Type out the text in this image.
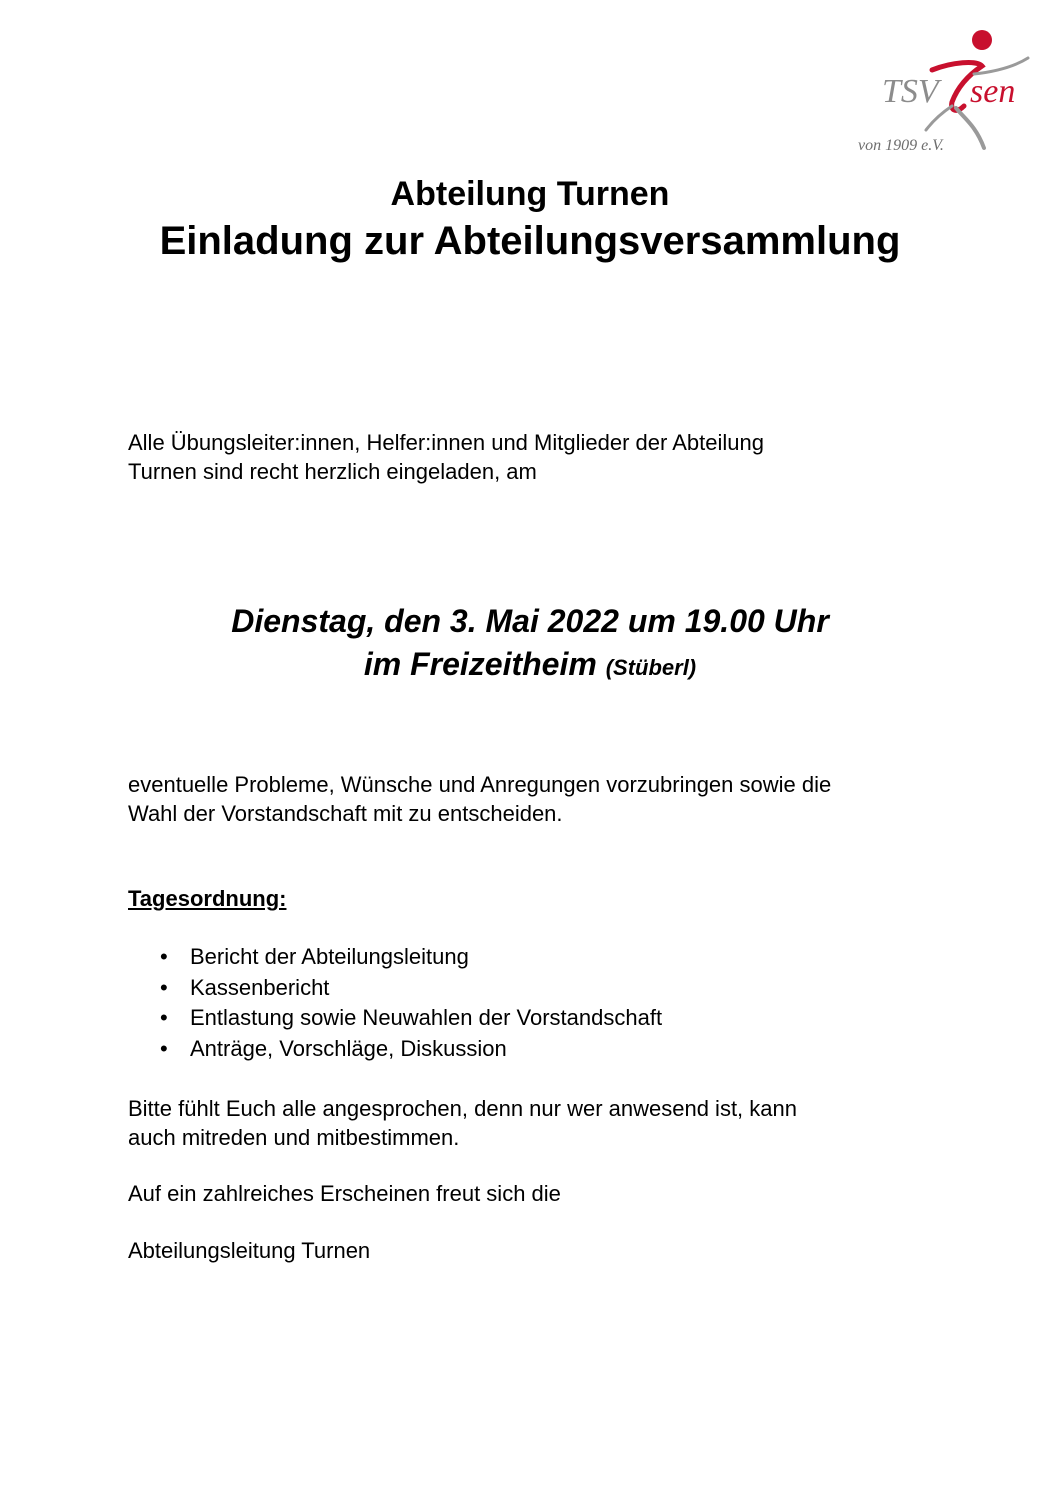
TSV sen
von 1909 e.V.

Abteilung Turnen

Einladung zur Abteilungsversammlung

Alle Übungsleiter:innen, Helfer:innen und Mitglieder der Abteilung

Turnen sind recht herzlich eingeladen, am

Dienstag, den 3. Mai 2022 um 19.00 Uhr

im Freizeitheim (Stüberl)

eventuelle Probleme, Wünsche und Anregungen vorzubringen sowie die

Wahl der Vorstandschaft mit zu entscheiden.

Tagesordnung:

• Bericht der Abteilungsleitung
• Kassenbericht
• Entlastung sowie Neuwahlen der Vorstandschaft
• Anträge, Vorschläge, Diskussion

Bitte fühlt Euch alle angesprochen, denn nur wer anwesend ist, kann

auch mitreden und mitbestimmen.

Auf ein zahlreiches Erscheinen freut sich die

Abteilungsleitung Turnen
